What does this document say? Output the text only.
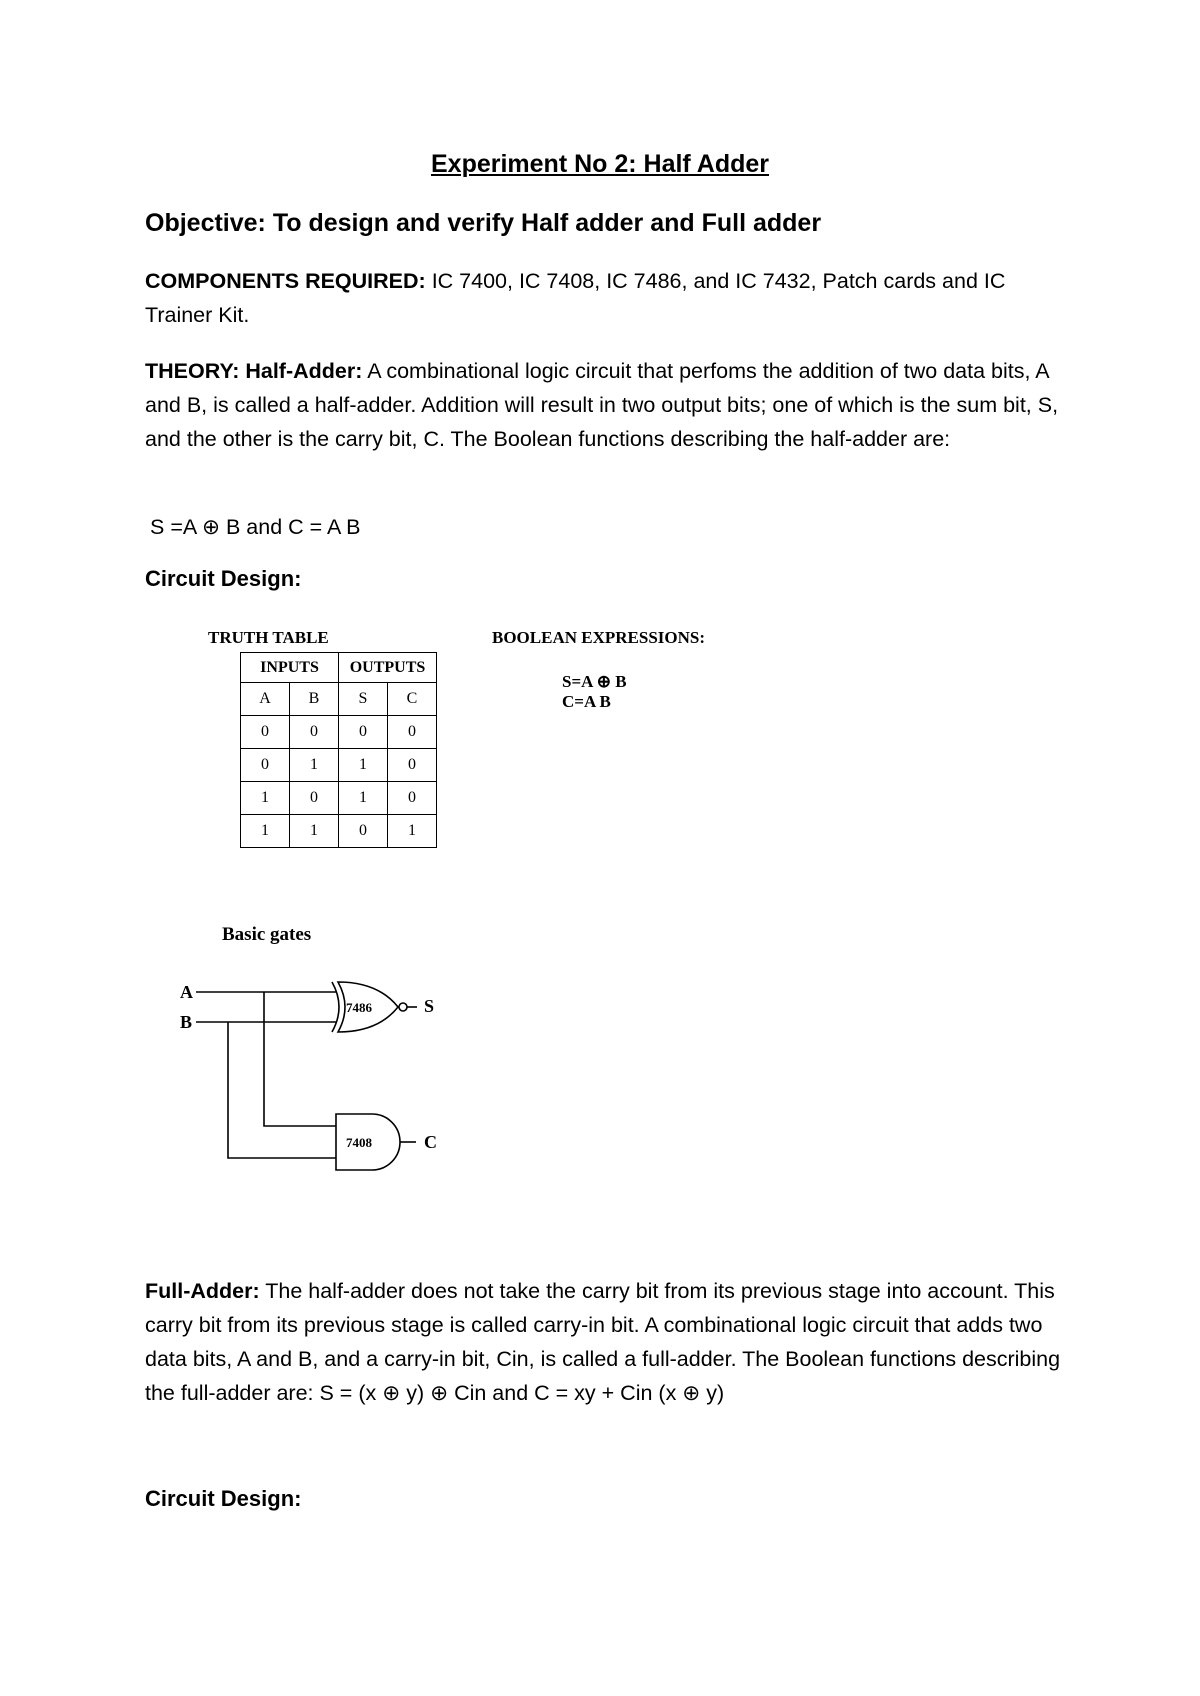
Experiment No 2: Half Adder
Objective: To design and verify Half adder and Full adder
COMPONENTS REQUIRED: IC 7400, IC 7408, IC 7486, and IC 7432, Patch cards and IC Trainer Kit.
THEORY: Half-Adder: A combinational logic circuit that perfoms the addition of two data bits, A and B, is called a half-adder. Addition will result in two output bits; one of which is the sum bit, S, and the other is the carry bit, C. The Boolean functions describing the half-adder are:
S =A ⊕ B and C = A B
Circuit Design:
TRUTH TABLE
INPUTS		OUTPUTS	
A	B	S	C
0	0	0	0
0	1	1	0
1	0	1	0
1	1	0	1
BOOLEAN EXPRESSIONS:
S=A ⊕ B
C=A B
Basic gates
A
B
7486
7408
S
C
Full-Adder: The half-adder does not take the carry bit from its previous stage into account. This carry bit from its previous stage is called carry-in bit. A combinational logic circuit that adds two data bits, A and B, and a carry-in bit, Cin, is called a full-adder. The Boolean functions describing the full-adder are: S = (x ⊕ y) ⊕ Cin and C = xy + Cin (x ⊕ y)
Circuit Design:
